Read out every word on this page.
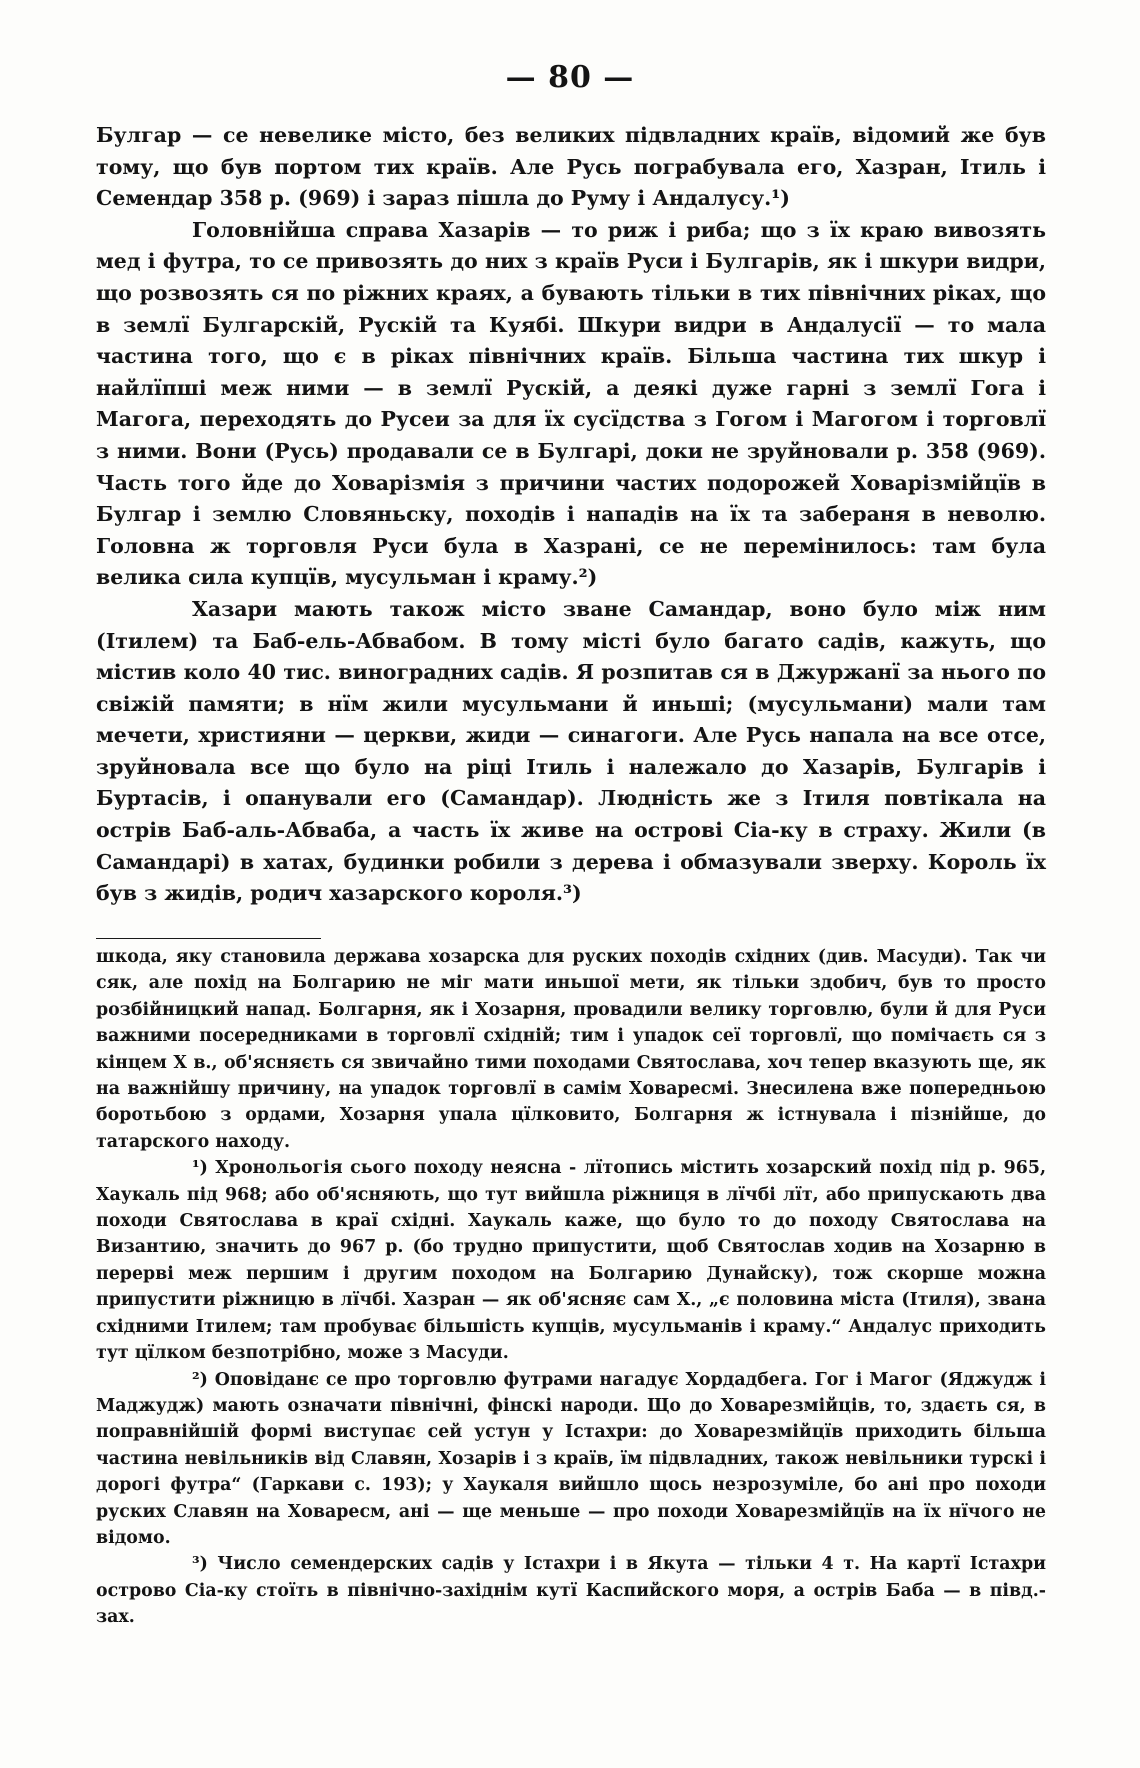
— 80 —

Булгар — се невелике місто, без великих підвладних країв, відомий же був тому, що був портом тих країв. Але Русь пограбувала его, Хазран, Ітиль і Семендар 358 р. (969) і зараз пішла до Руму і Андалусу.¹)

Головнійша справа Хазарів — то риж і риба; що з їх краю вивозять мед і футра, то се привозять до них з країв Руси і Булгарів, як і шкури видри, що розвозять ся по ріжних краях, а бувають тільки в тих північних ріках, що в землї Булгарскій, Рускій та Куябі. Шкури видри в Андалусії — то мала частина того, що є в ріках північних країв. Більша частина тих шкур і найлїпші меж ними — в землї Рускій, а деякі дуже гарні з землї Гога і Магога, переходять до Русеи за для їх сусїдства з Гогом і Магогом і торговлї з ними. Вони (Русь) продавали се в Булгарі, доки не зруйновали р. 358 (969). Часть того йде до Ховарізмія з причини частих подорожей Ховарізмійцїв в Булгар і землю Словяньску, походів і нападів на їх та забераня в неволю. Головна ж торговля Руси була в Хазрані, се не перемінилось: там була велика сила купцїв, мусульман і краму.²)

Хазари мають також місто зване Самандар, воно було між ним (Ітилем) та Баб-ель-Абвабом. В тому місті було багато садів, кажуть, що містив коло 40 тис. виноградних садів. Я розпитав ся в Джуржанї за нього по свіжій памяти; в нїм жили мусульмани й иньші; (мусульмани) мали там мечети, християни — церкви, жиди — синагоги. Але Русь напала на все отсе, зруйновала все що було на ріці Ітиль і належало до Хазарів, Булгарів і Буртасів, і опанували его (Самандар). Людність же з Ітиля повтікала на острів Баб-аль-Абваба, а часть їх живе на острові Сіа-ку в страху. Жили (в Самандарі) в хатах, будинки робили з дерева і обмазували зверху. Король їх був з жидів, родич хазарского короля.³)

шкода, яку становила держава хозарска для руских походів східних (див. Масуди). Так чи сяк, але похід на Болгарию не міг мати иньшої мети, як тільки здобич, був то просто розбійницкий напад. Болгарня, як і Хозарня, провадили велику торговлю, були й для Руси важними посередниками в торговлї східній; тим і упадок сеї торговлї, що помічаєть ся з кінцем X в., об'ясняєть ся звичайно тими походами Святослава, хоч тепер вказують ще, як на важнійшу причину, на упадок торговлї в самім Ховаресмі. Знесилена вже попередньою боротьбою з ордами, Хозарня упала цїлковито, Болгарня ж істнувала і пізнійше, до татарского находу.

¹) Хронольогія сього походу неясна - лїтопись містить хозарский похід під р. 965, Хаукаль під 968; або об'ясняють, що тут вийшла ріжниця в лїчбі лїт, або припускають два походи Святослава в краї східні. Хаукаль каже, що було то до походу Святослава на Византию, значить до 967 р. (бо трудно припустити, щоб Святослав ходив на Хозарню в перерві меж першим і другим походом на Болгарию Дунайску), тож скорше можна припустити ріжницю в лїчбі. Хазран — як об'ясняє сам X., „є половина міста (Ітиля), звана східними Ітилем; там пробуває більшість купців, мусульманів і краму.“ Андалус приходить тут цїлком безпотрібно, може з Масуди.

²) Оповіданє се про торговлю футрами нагадує Хордадбега. Гог і Магог (Яджудж і Маджудж) мають означати північні, фінскі народи. Що до Ховарезмійців, то, здаєть ся, в поправнійшій формі виступає сей устун у Іcтахри: до Ховарезмійцїв приходить більша частина невільників від Славян, Хозарів і з країв, їм підвладних, також невільники турскі і дорогі футра“ (Гаркави с. 193); у Хаукаля вийшло щось незрозуміле, бо ані про походи руских Славян на Ховаресм, ані — ще меньше — про походи Ховарезмійцїв на їх нїчого не відомо.

³) Число семендерских садів у Істахри і в Якута — тільки 4 т. На картї Істахри острово Сіа-ку стоїть в північно-західнім кутї Каспийского моря, а острів Баба — в півд.-зах.
